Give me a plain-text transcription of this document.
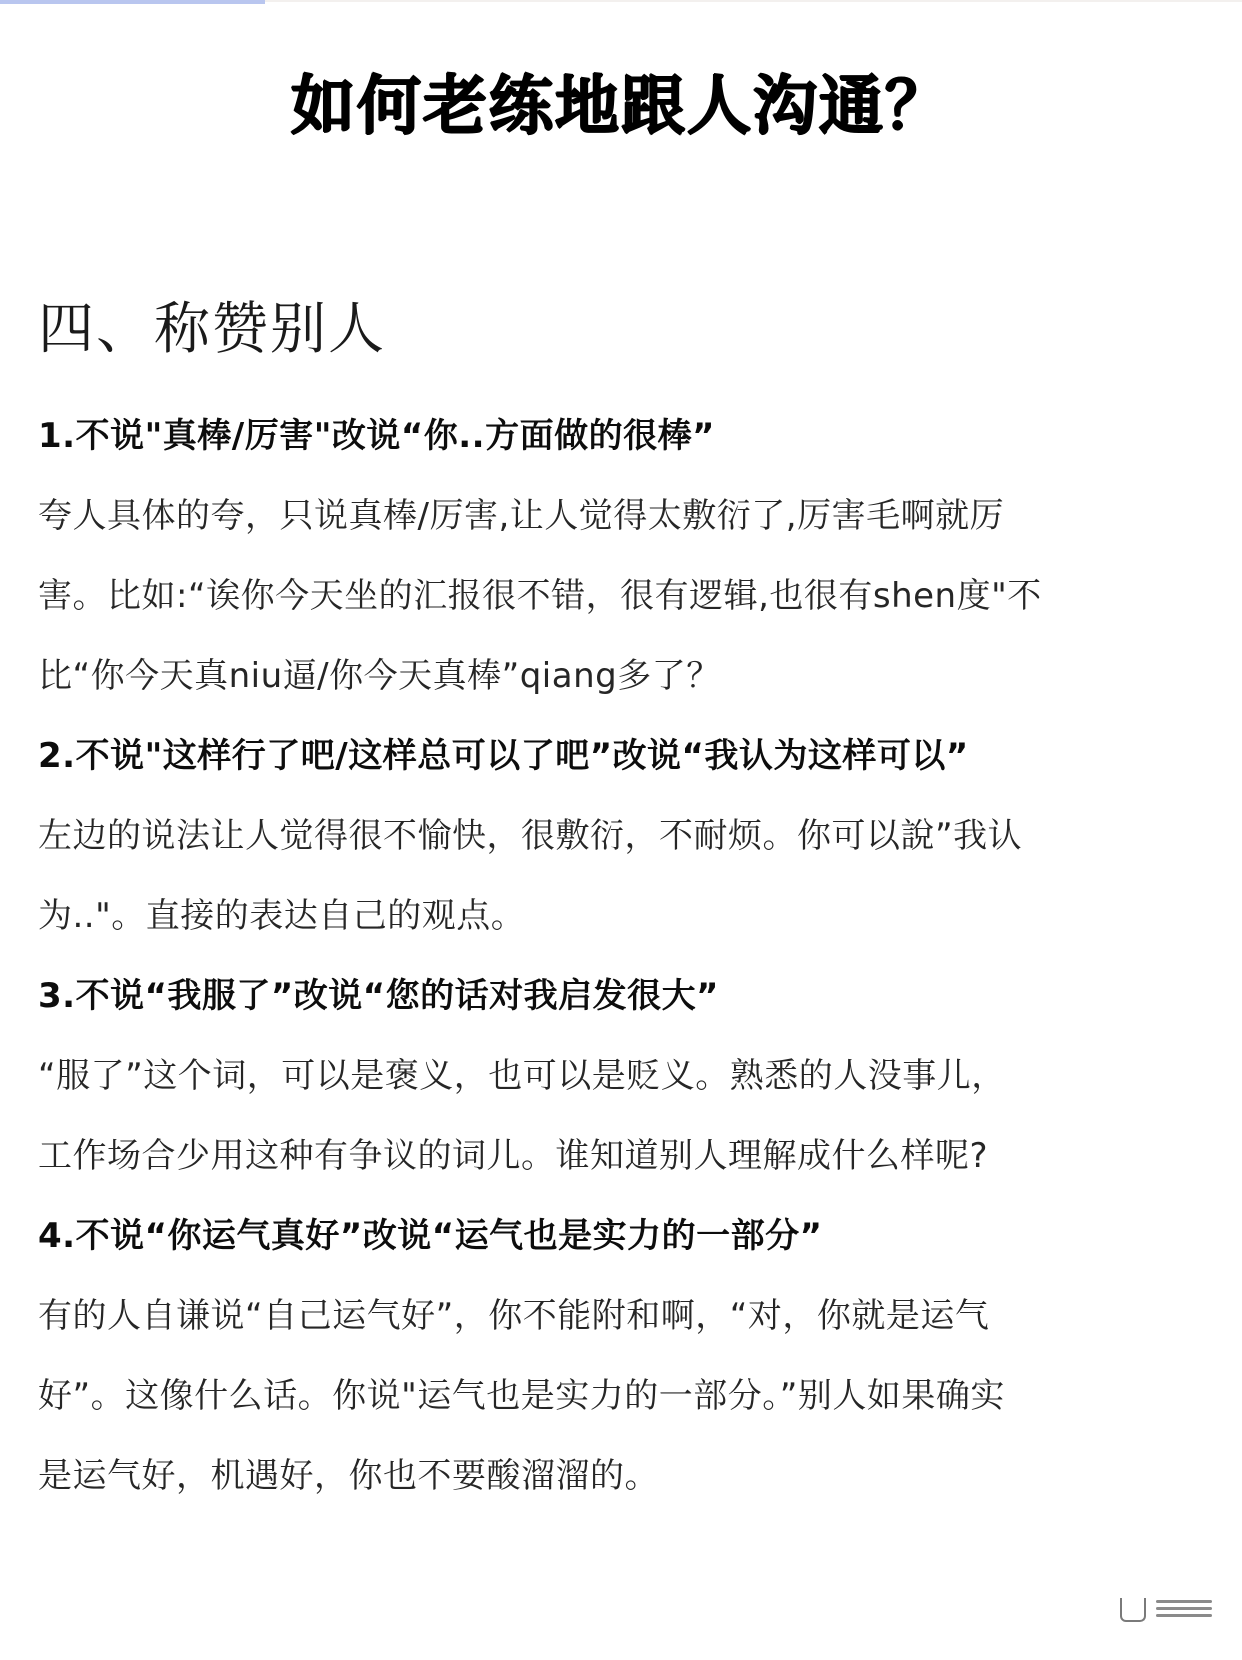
如何老练地跟人沟通？
四、称赞别人
1.不说"真棒/厉害"改说“你..方面做的很棒”
夸人具体的夸，只说真棒/厉害,让人觉得太敷衍了,厉害毛啊就厉
害。比如:“诶你今天坐的汇报很不错，很有逻辑,也很有shen度"不
比“你今天真niu逼/你今天真棒”qiang多了？
2.不说"这样行了吧/这样总可以了吧”改说“我认为这样可以”
左边的说法让人觉得很不愉快，很敷衍，不耐烦。你可以說”我认
为.."。直接的表达自己的观点。
3.不说“我服了”改说“您的话对我启发很大”
“服了”这个词，可以是褒义，也可以是贬义。熟悉的人没事儿，
工作场合少用这种有争议的词儿。谁知道别人理解成什么样呢?
4.不说“你运气真好”改说“运气也是实力的一部分”
有的人自谦说“自己运气好”，你不能附和啊，“对，你就是运气
好”。这像什么话。你说"运气也是实力的一部分。”别人如果确实
是运气好，机遇好，你也不要酸溜溜的。
